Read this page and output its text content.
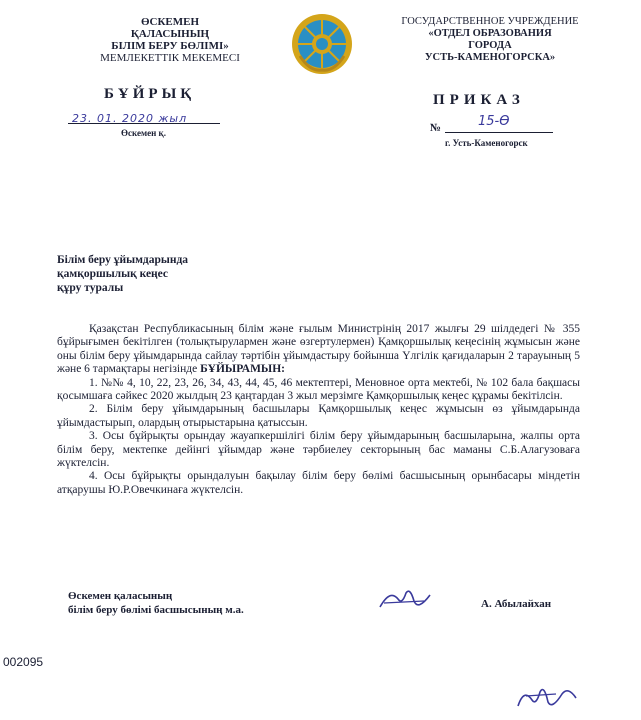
ӨСКЕМЕН
ҚАЛАСЫНЫҢ
БІЛІМ БЕРУ БӨЛІМІ»
МЕМЛЕКЕТТІК МЕКЕМЕСІ
ГОСУДАРСТВЕННОЕ УЧРЕЖДЕНИЕ
«ОТДЕЛ ОБРАЗОВАНИЯ
ГОРОДА
УСТЬ-КАМЕНОГОРСКА»
БҰЙРЫҚ	ПРИКАЗ
23. 01. 2020 жыл
Өскемен қ.	№	15-Ө
г. Усть-Каменогорск
Білім беру ұйымдарында
қамқоршылық кеңес
құру туралы

Қазақстан Республикасының білім және ғылым Министрінің 2017 жылғы 29 шілдедегі № 355 бұйрығымен бекітілген (толықтырулармен және өзгертулермен) Қамқоршылық кеңесінің жұмысын және оны білім беру ұйымдарында сайлау тәртібін ұйымдастыру бойынша Үлгілік қағидаларын 2 тарауының 5 және 6 тармақтары негізінде БҰЙЫРАМЫН:

1. №№ 4, 10, 22, 23, 26, 34, 43, 44, 45, 46 мектептері, Меновное орта мектебі, № 102 бала бақшасы қосымшаға сәйкес 2020 жылдың 23 қаңтардан 3 жыл мерзімге Қамқоршылық кеңес құрамы бекітілсін.

2. Білім беру ұйымдарының басшылары Қамқоршылық кеңес жұмысын өз ұйымдарында ұйымдастырып, олардың отырыстарына қатыссын.

3. Осы бұйрықты орындау жауапкершілігі білім беру ұйымдарының басшыларына, жалпы орта білім беру, мектепке дейінгі ұйымдар және тәрбиелеу секторының бас маманы С.Б.Алагузоваға жүктелсін.

4. Осы бұйрықты орындалуын бақылау білім беру бөлімі басшысының орынбасары міндетін атқарушы Ю.Р.Овечкинаға жүктелсін.

Өскемен қаласының
білім беру бөлімі басшысының м.а.	А. Абылайхан
002095
